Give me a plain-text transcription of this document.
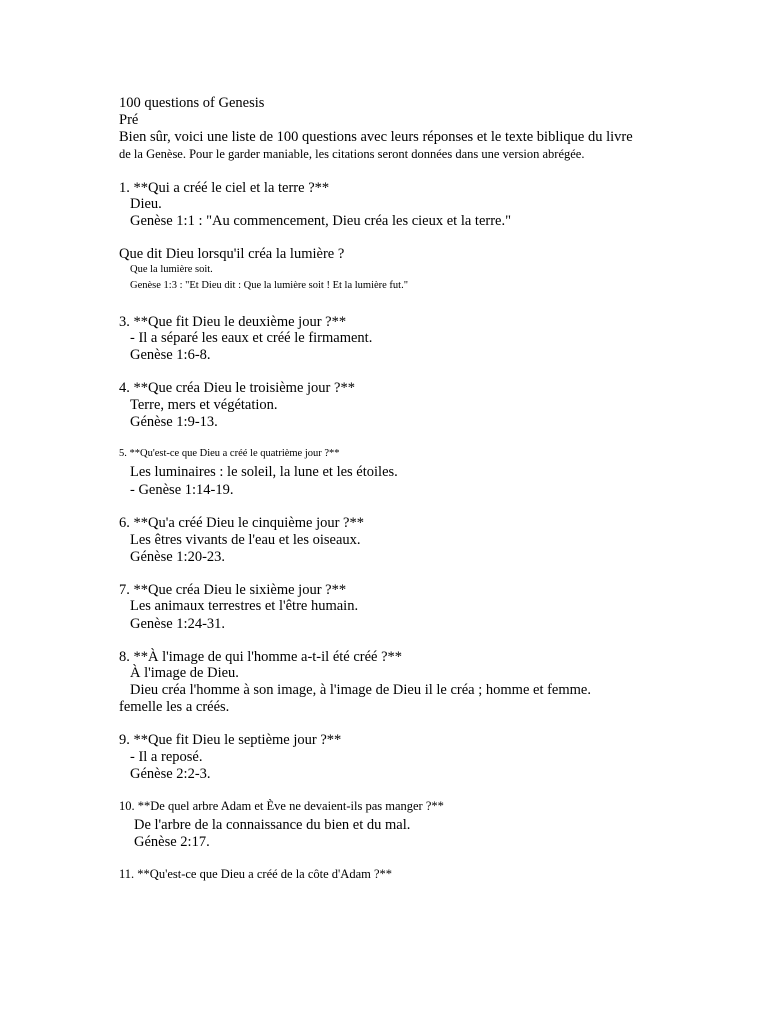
100 questions of Genesis
Pré
Bien sûr, voici une liste de 100 questions avec leurs réponses et le texte biblique du livre
de la Genèse. Pour le garder maniable, les citations seront données dans une version abrégée.
1. **Qui a créé le ciel et la terre ?**
Dieu.
Genèse 1:1 : "Au commencement, Dieu créa les cieux et la terre."
Que dit Dieu lorsqu'il créa la lumière ?
Que la lumière soit.
Genèse 1:3 : "Et Dieu dit : Que la lumière soit ! Et la lumière fut."
3. **Que fit Dieu le deuxième jour ?**
- Il a séparé les eaux et créé le firmament.
Genèse 1:6-8.
4. **Que créa Dieu le troisième jour ?**
Terre, mers et végétation.
Génèse 1:9-13.
5. **Qu'est-ce que Dieu a créé le quatrième jour ?**
Les luminaires : le soleil, la lune et les étoiles.
- Genèse 1:14-19.
6. **Qu'a créé Dieu le cinquième jour ?**
Les êtres vivants de l'eau et les oiseaux.
Génèse 1:20-23.
7. **Que créa Dieu le sixième jour ?**
Les animaux terrestres et l'être humain.
Genèse 1:24-31.
8. **À l'image de qui l'homme a-t-il été créé ?**
À l'image de Dieu.
Dieu créa l'homme à son image, à l'image de Dieu il le créa ; homme et femme.
femelle les a créés.
9. **Que fit Dieu le septième jour ?**
- Il a reposé.
Génèse 2:2-3.
10. **De quel arbre Adam et Ève ne devaient-ils pas manger ?**
De l'arbre de la connaissance du bien et du mal.
Génèse 2:17.
11. **Qu'est-ce que Dieu a créé de la côte d'Adam ?**
